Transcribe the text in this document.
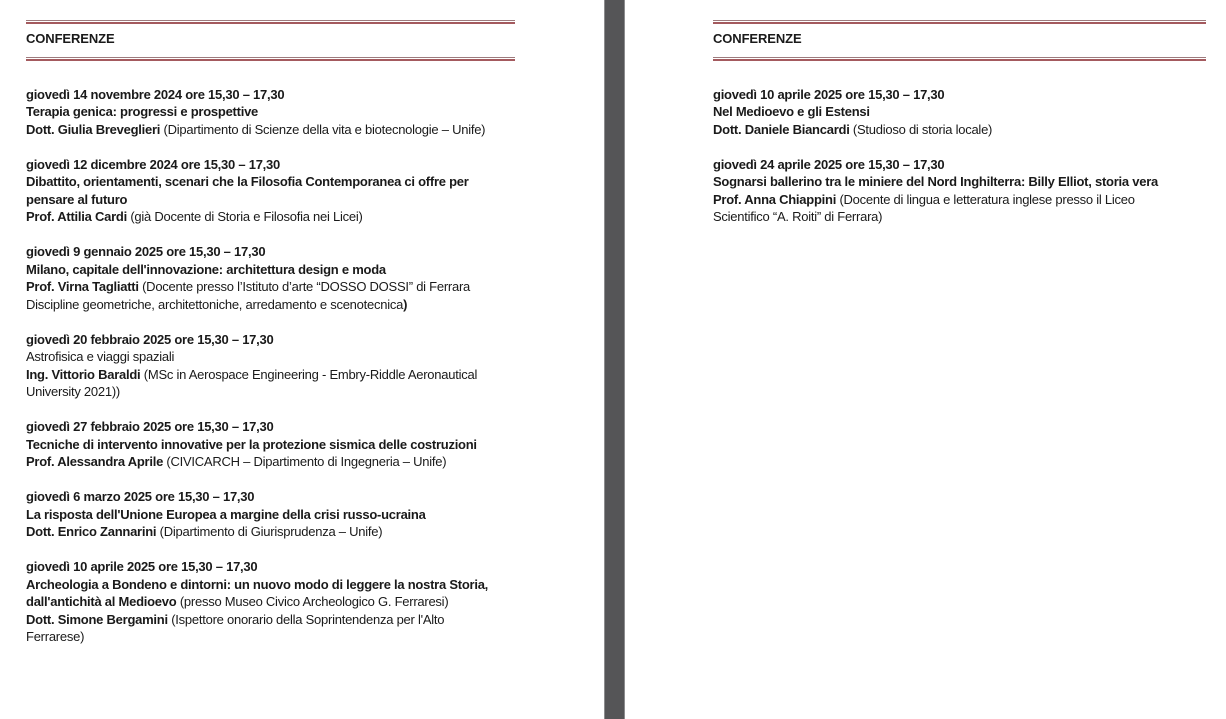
CONFERENZE
giovedì 14 novembre 2024 ore 15,30 – 17,30
Terapia genica: progressi e prospettive
Dott. Giulia Breveglieri (Dipartimento di Scienze della vita e biotecnologie – Unife)
giovedì 12 dicembre 2024 ore 15,30 – 17,30
Dibattito, orientamenti, scenari che la Filosofia Contemporanea ci offre per
pensare al futuro
Prof. Attilia Cardi (già Docente di Storia e Filosofia nei Licei)
giovedì 9 gennaio 2025 ore 15,30 – 17,30
Milano, capitale dell'innovazione: architettura design e moda
Prof. Virna Tagliatti (Docente presso l’Istituto d’arte “DOSSO DOSSI” di Ferrara
Discipline geometriche, architettoniche, arredamento e scenotecnica)
giovedì 20 febbraio 2025 ore 15,30 – 17,30
Astrofisica e viaggi spaziali
Ing. Vittorio Baraldi (MSc in Aerospace Engineering - Embry-Riddle Aeronautical
University 2021))
giovedì 27 febbraio 2025 ore 15,30 – 17,30
Tecniche di intervento innovative per la protezione sismica delle costruzioni
Prof. Alessandra Aprile (CIVICARCH – Dipartimento di Ingegneria – Unife)
giovedì 6 marzo 2025 ore 15,30 – 17,30
La risposta dell'Unione Europea a margine della crisi russo-ucraina
Dott. Enrico Zannarini (Dipartimento di Giurisprudenza – Unife)
giovedì 10 aprile 2025 ore 15,30 – 17,30
Archeologia a Bondeno e dintorni: un nuovo modo di leggere la nostra Storia,
dall'antichità al Medioevo (presso Museo Civico Archeologico G. Ferraresi)
Dott. Simone Bergamini (Ispettore onorario della Soprintendenza per l'Alto
Ferrarese)
CONFERENZE
giovedì 10 aprile 2025 ore 15,30 – 17,30
Nel Medioevo e gli Estensi
Dott. Daniele Biancardi (Studioso di storia locale)
giovedì 24 aprile 2025 ore 15,30 – 17,30
Sognarsi ballerino tra le miniere del Nord Inghilterra: Billy Elliot, storia vera
Prof. Anna Chiappini (Docente di lingua e letteratura inglese presso il Liceo
Scientifico “A. Roiti” di Ferrara)
